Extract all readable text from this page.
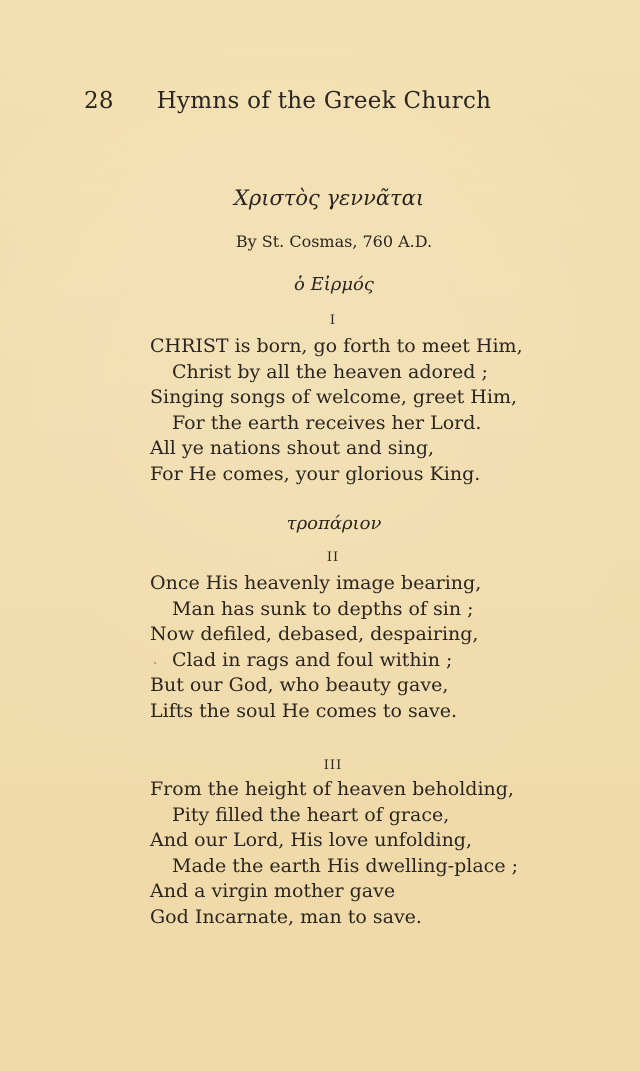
28 Hymns of the Greek Church
Χριστὸς γεννᾶται
By St. Cosmas, 760 A.D.
ὁ Εἰρμός
I
CHRIST is born, go forth to meet Him,
Christ by all the heaven adored ;
Singing songs of welcome, greet Him,
For the earth receives her Lord.
All ye nations shout and sing,
For He comes, your glorious King.
τροπάριον
II
Once His heavenly image bearing,
Man has sunk to depths of sin ;
Now defiled, debased, despairing,
Clad in rags and foul within ;
But our God, who beauty gave,
Lifts the soul He comes to save.
III
From the height of heaven beholding,
Pity filled the heart of grace,
And our Lord, His love unfolding,
Made the earth His dwelling-place ;
And a virgin mother gave
God Incarnate, man to save.
